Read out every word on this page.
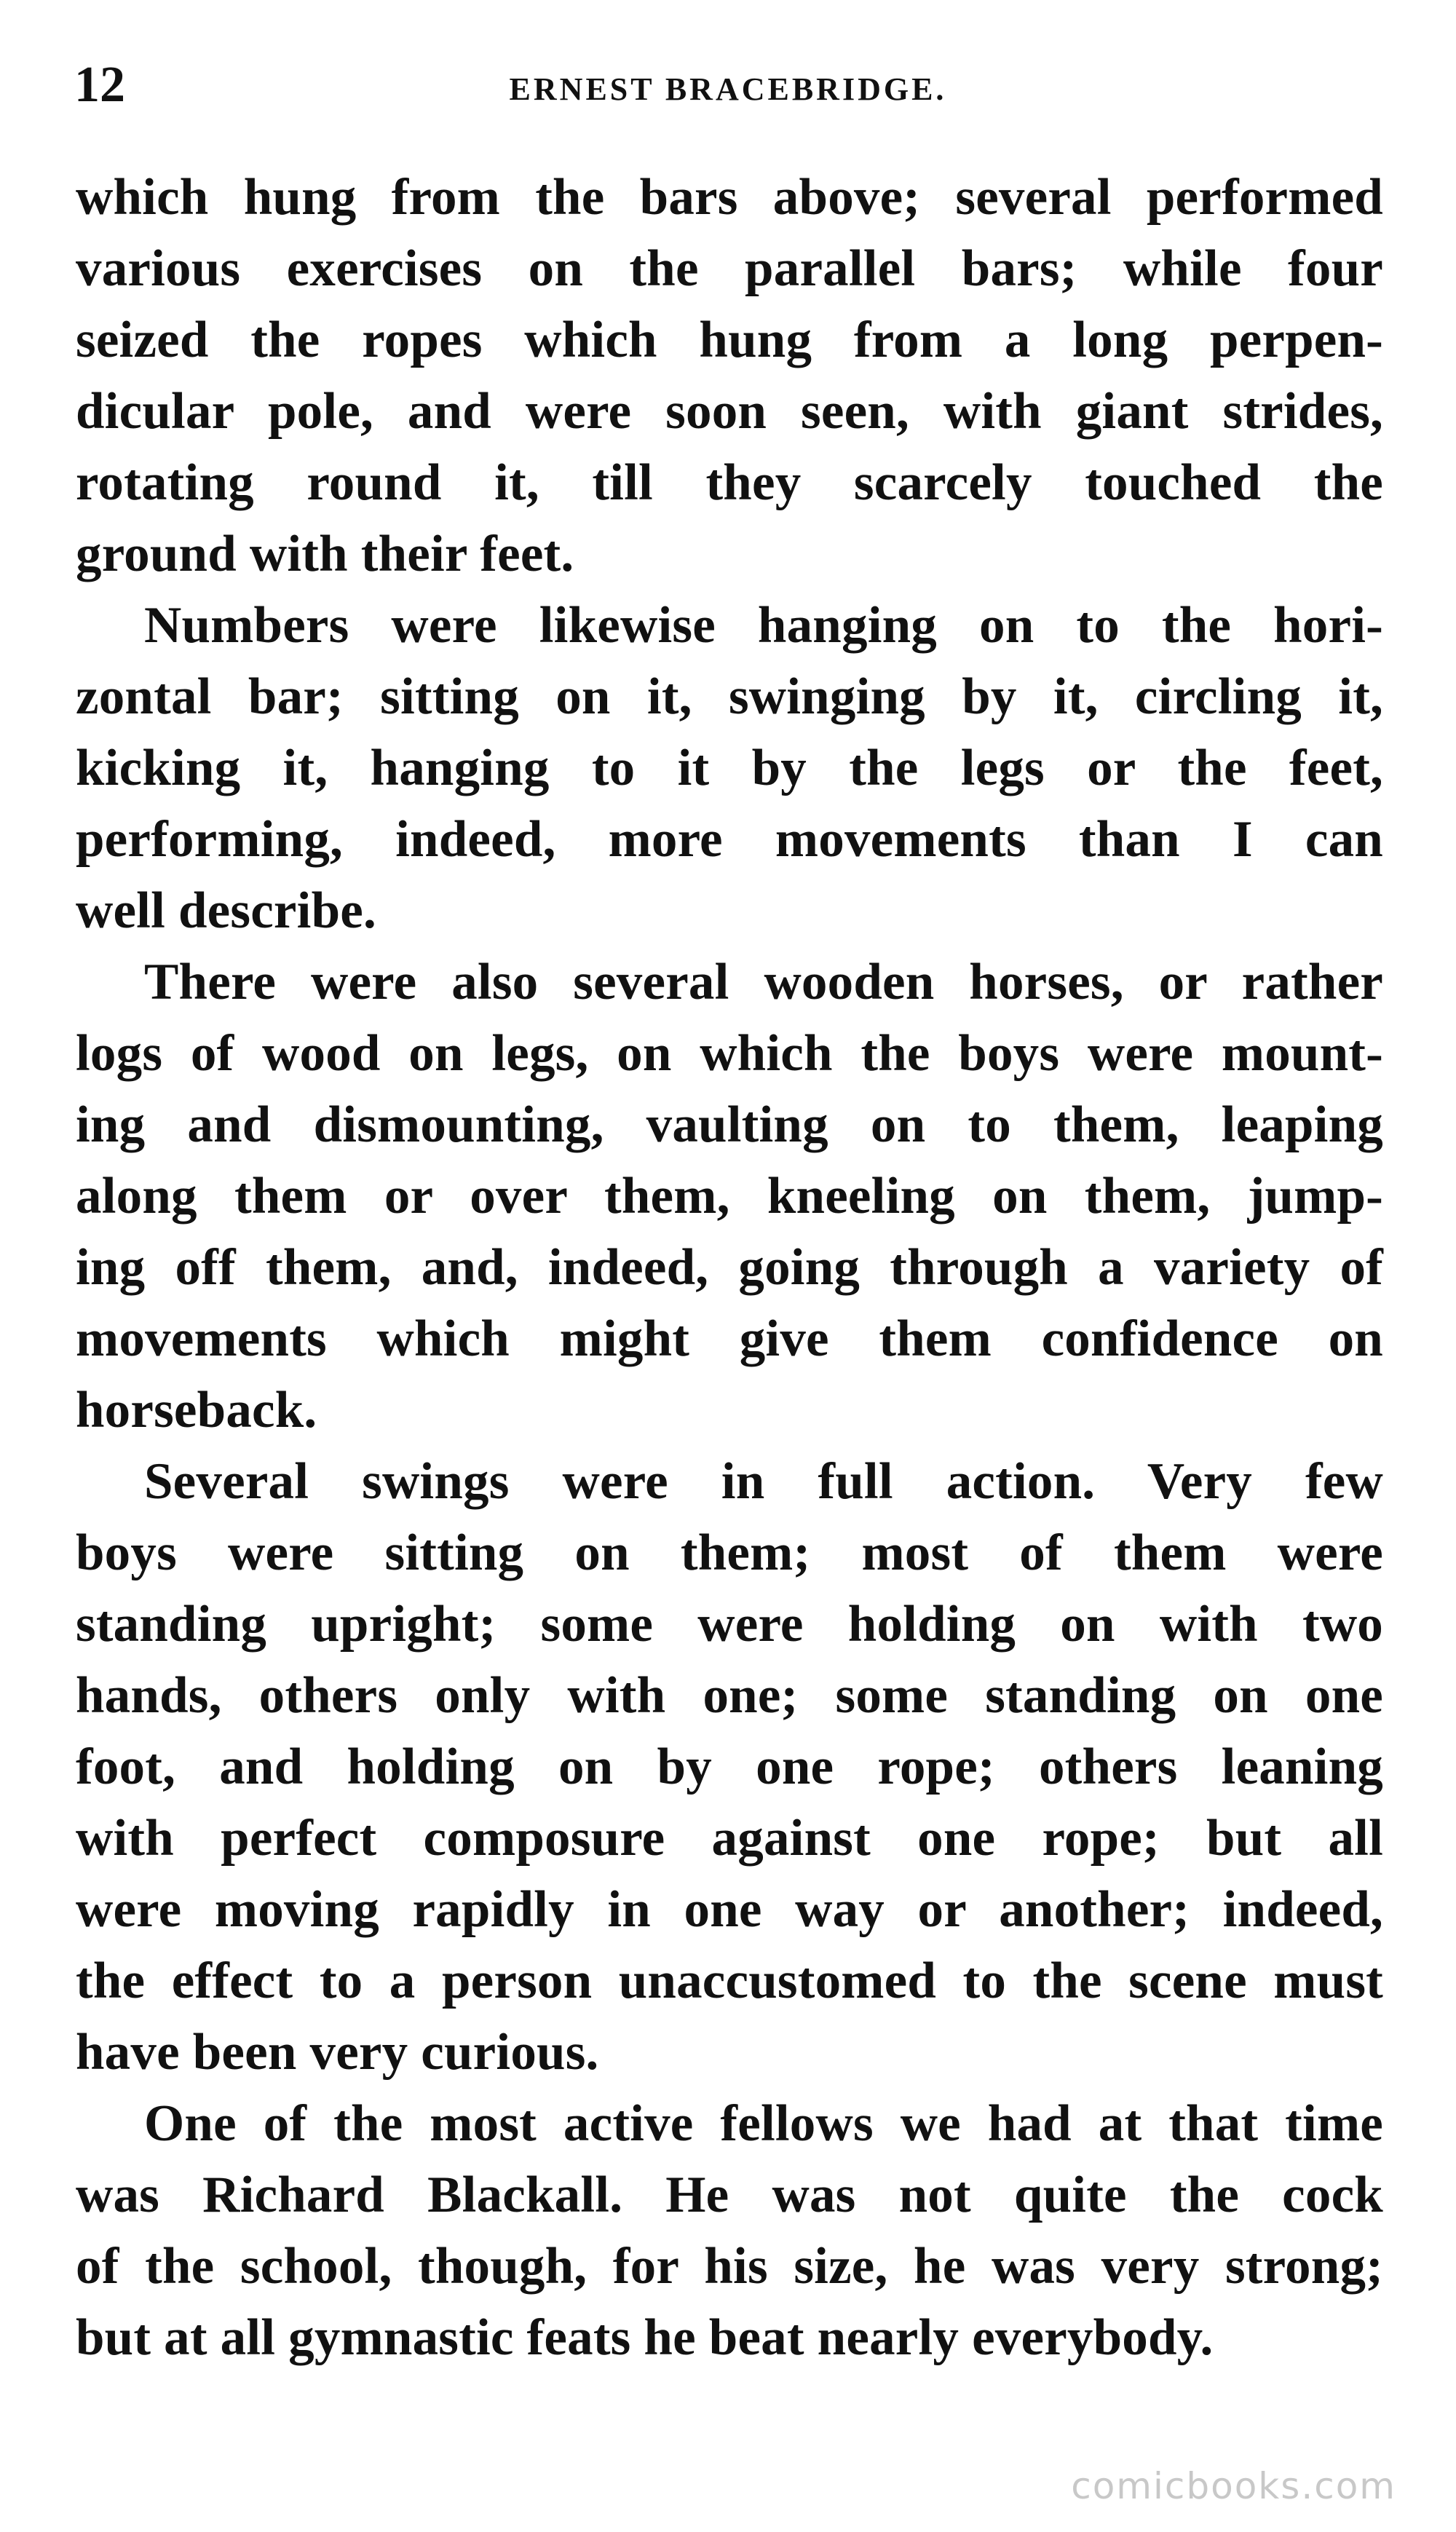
12	ERNEST BRACEBRIDGE.
which hung from the bars above; several performed
various exercises on the parallel bars; while four
seized the ropes which hung from a long perpen-
dicular pole, and were soon seen, with giant strides,
rotating round it, till they scarcely touched the
ground with their feet.
Numbers were likewise hanging on to the hori-
zontal bar; sitting on it, swinging by it, circling it,
kicking it, hanging to it by the legs or the feet,
performing, indeed, more movements than I can
well describe.
There were also several wooden horses, or rather
logs of wood on legs, on which the boys were mount-
ing and dismounting, vaulting on to them, leaping
along them or over them, kneeling on them, jump-
ing off them, and, indeed, going through a variety of
movements which might give them confidence on
horseback.
Several swings were in full action. Very few
boys were sitting on them; most of them were
standing upright; some were holding on with two
hands, others only with one; some standing on one
foot, and holding on by one rope; others leaning
with perfect composure against one rope; but all
were moving rapidly in one way or another; indeed,
the effect to a person unaccustomed to the scene must
have been very curious.
One of the most active fellows we had at that time
was Richard Blackall. He was not quite the cock
of the school, though, for his size, he was very strong;
but at all gymnastic feats he beat nearly everybody.
comicbooks.com
